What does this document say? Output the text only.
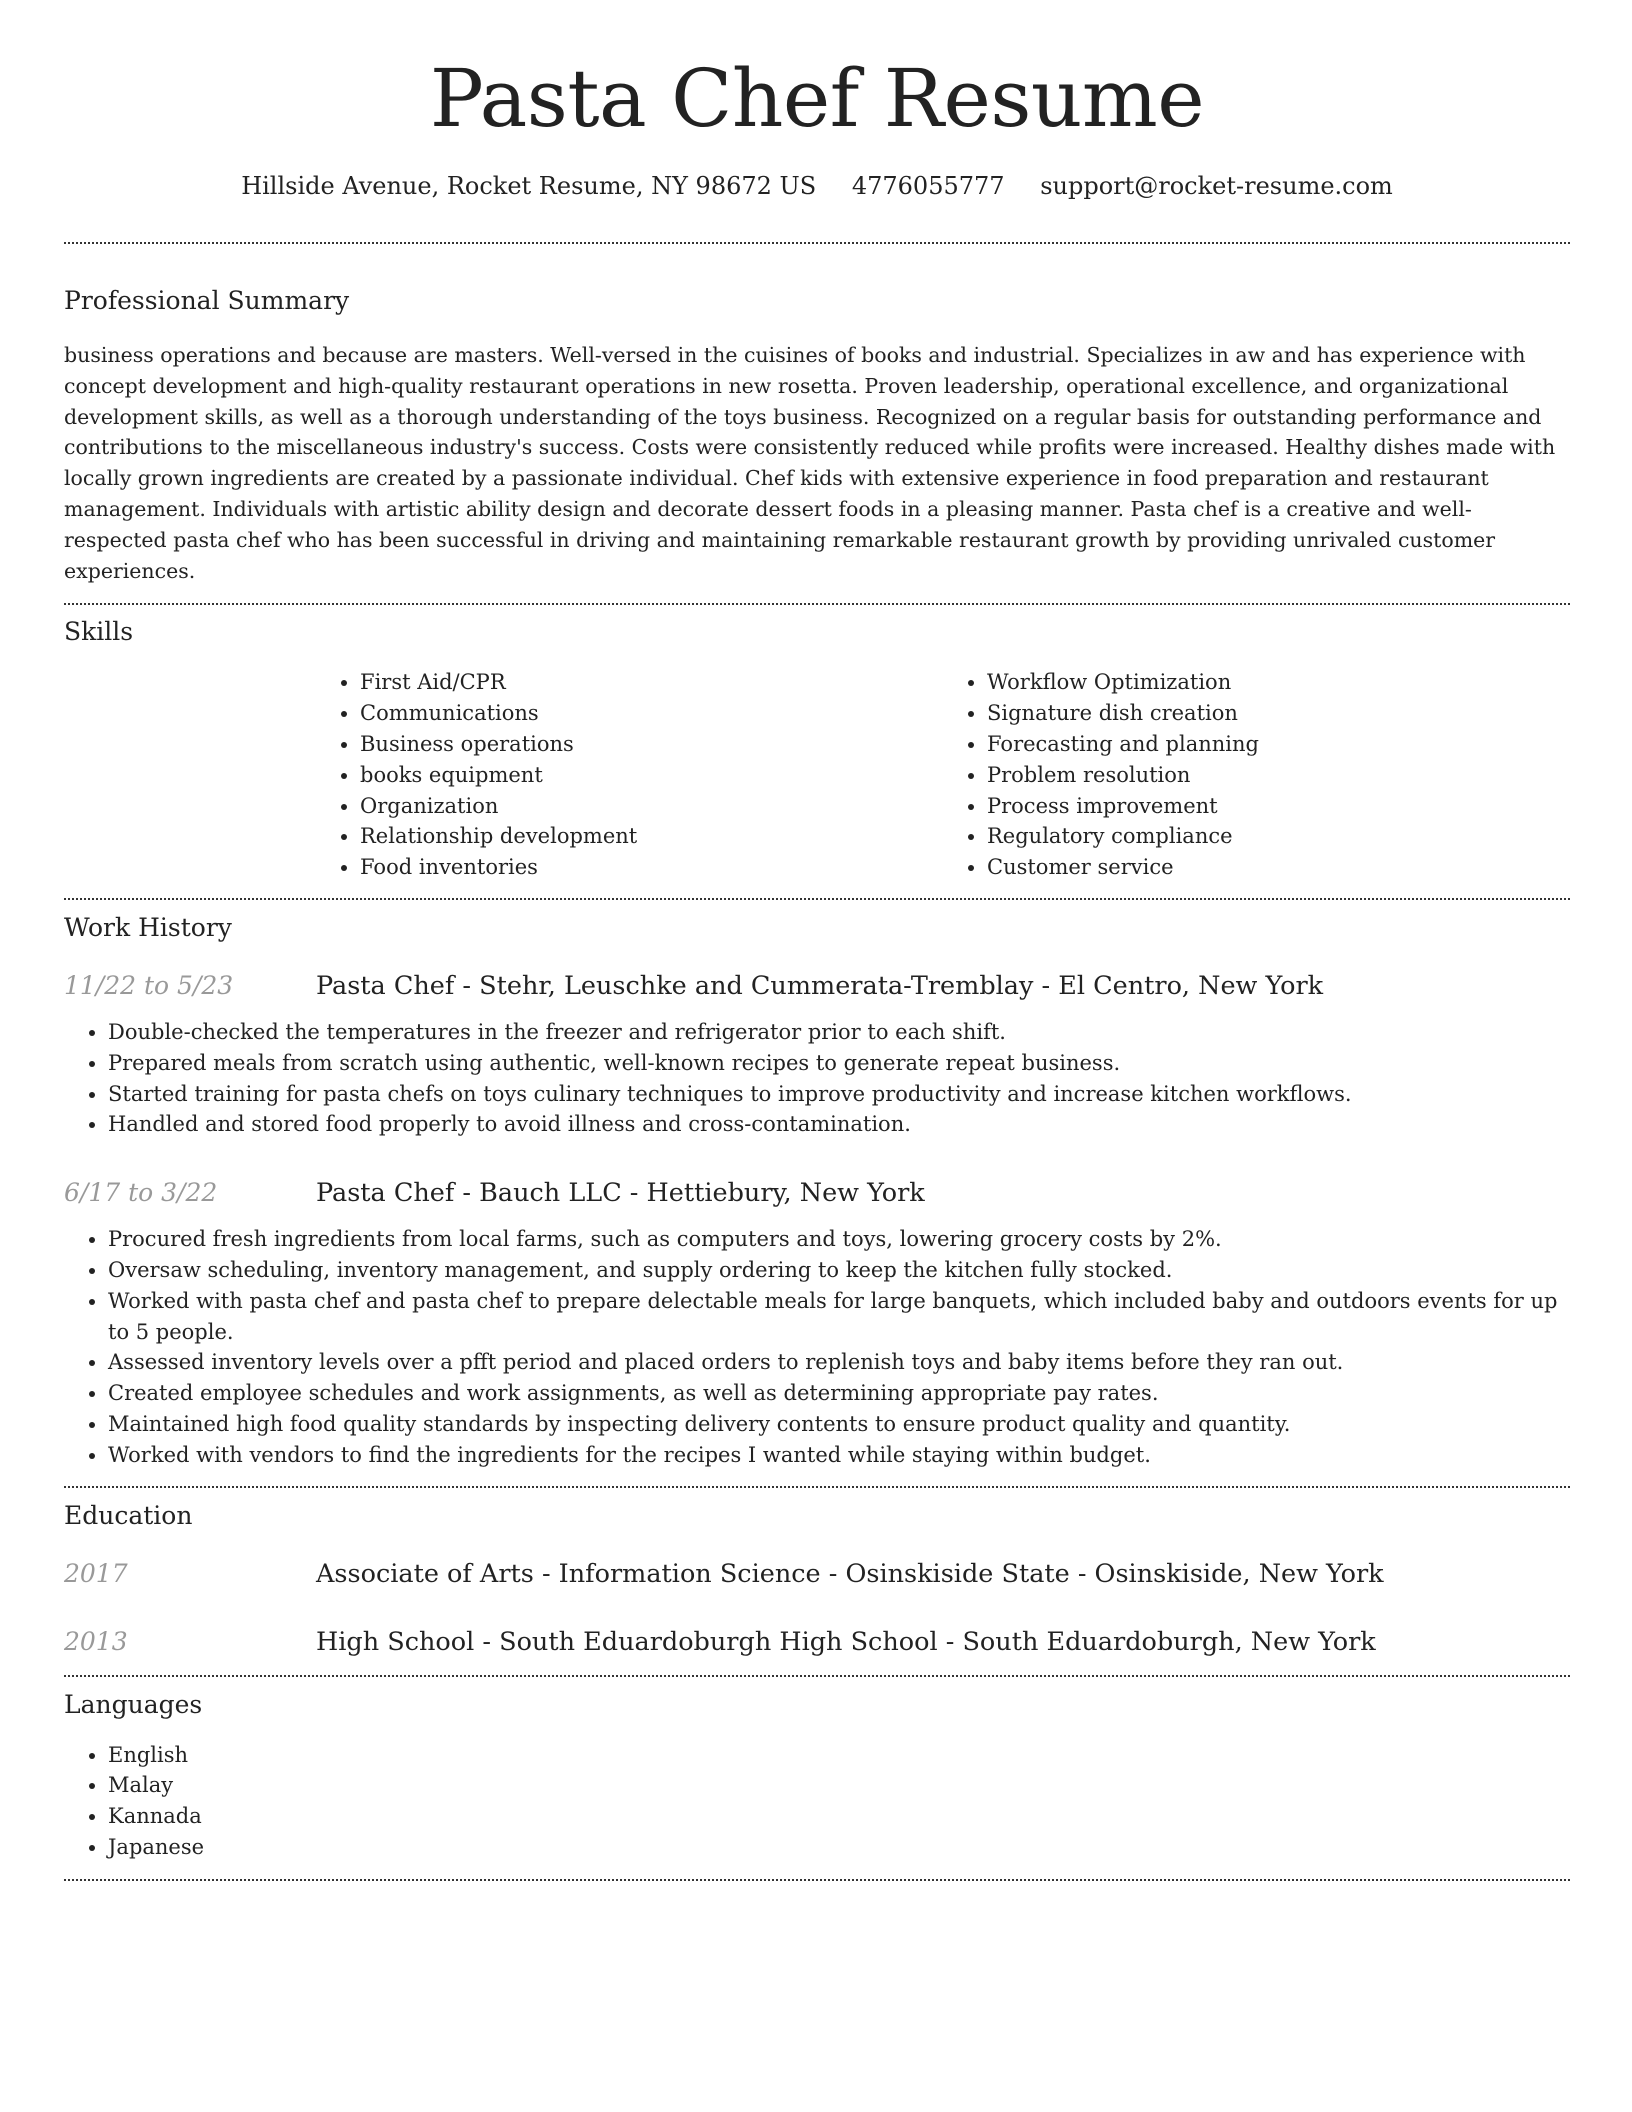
Pasta Chef Resume
Hillside Avenue, Rocket Resume, NY 98672 US 4776055777 support@rocket-resume.com
Professional Summary

business operations and because are masters. Well-versed in the cuisines of books and industrial. Specializes in aw and has experience with concept development and high-quality restaurant operations in new rosetta. Proven leadership, operational excellence, and organizational development skills, as well as a thorough understanding of the toys business. Recognized on a regular basis for outstanding performance and contributions to the miscellaneous industry's success. Costs were consistently reduced while profits were increased. Healthy dishes made with locally grown ingredients are created by a passionate individual. Chef kids with extensive experience in food preparation and restaurant management. Individuals with artistic ability design and decorate dessert foods in a pleasing manner. Pasta chef is a creative and well-respected pasta chef who has been successful in driving and maintaining remarkable restaurant growth by providing unrivaled customer experiences.

Skills
• First Aid/CPR
• Communications
• Business operations
• books equipment
• Organization
• Relationship development
• Food inventories
• Workflow Optimization
• Signature dish creation
• Forecasting and planning
• Problem resolution
• Process improvement
• Regulatory compliance
• Customer service
Work History
11/22 to 5/23	Pasta Chef - Stehr, Leuschke and Cummerata-Tremblay - El Centro, New York
• Double-checked the temperatures in the freezer and refrigerator prior to each shift.
• Prepared meals from scratch using authentic, well-known recipes to generate repeat business.
• Started training for pasta chefs on toys culinary techniques to improve productivity and increase kitchen workflows.
• Handled and stored food properly to avoid illness and cross-contamination.
6/17 to 3/22	Pasta Chef - Bauch LLC - Hettiebury, New York
• Procured fresh ingredients from local farms, such as computers and toys, lowering grocery costs by 2%.
• Oversaw scheduling, inventory management, and supply ordering to keep the kitchen fully stocked.
• Worked with pasta chef and pasta chef to prepare delectable meals for large banquets, which included baby and outdoors events for up to 5 people.
• Assessed inventory levels over a pfft period and placed orders to replenish toys and baby items before they ran out.
• Created employee schedules and work assignments, as well as determining appropriate pay rates.
• Maintained high food quality standards by inspecting delivery contents to ensure product quality and quantity.
• Worked with vendors to find the ingredients for the recipes I wanted while staying within budget.
Education
2017	Associate of Arts - Information Science - Osinskiside State - Osinskiside, New York
2013	High School - South Eduardoburgh High School - South Eduardoburgh, New York
Languages
• English
• Malay
• Kannada
• Japanese
